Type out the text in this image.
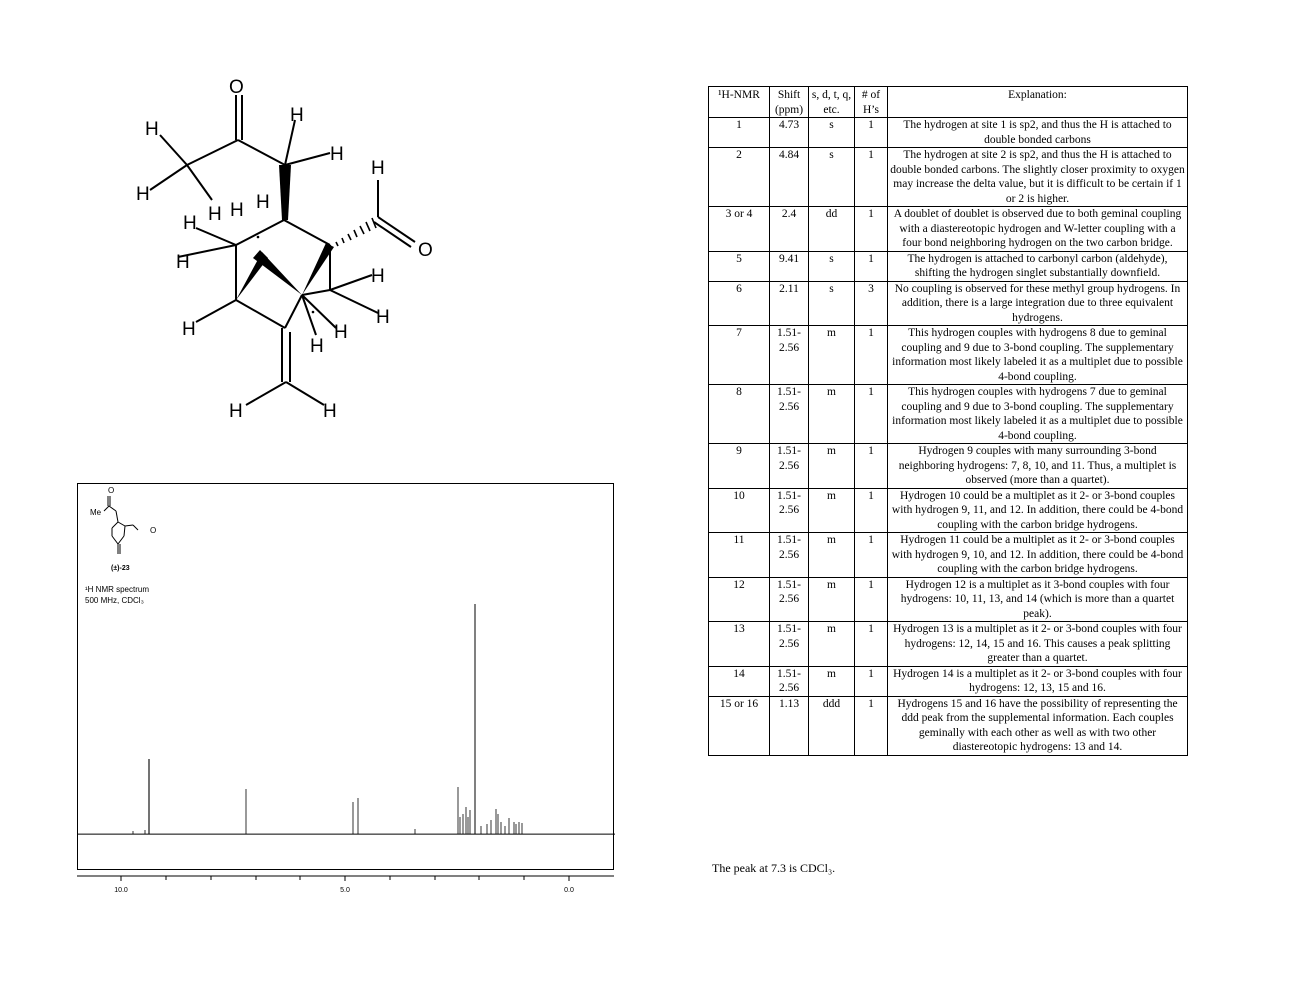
O
O
H
H
H
H
H
H H H H
H
H
H
H	H
H
H	H
Me
O
O
(±)-23
¹H NMR spectrum
500 MHz, CDCl₃
10.0	5.0	0.0
¹H-NMR	Shift (ppm)	s, d, t, q, etc.	# of H’s	Explanation:
1	4.73	s	1	The hydrogen at site 1 is sp2, and thus the H is attached to double bonded carbons
2	4.84	s	1	The hydrogen at site 2 is sp2, and thus the H is attached to double bonded carbons. The slightly closer proximity to oxygen may increase the delta value, but it is difficult to be certain if 1 or 2 is higher.
3 or 4	2.4	dd	1	A doublet of doublet is observed due to both geminal coupling with a diastereotopic hydrogen and W-letter coupling with a four bond neighboring hydrogen on the two carbon bridge.
5	9.41	s	1	The hydrogen is attached to carbonyl carbon (aldehyde), shifting the hydrogen singlet substantially downfield.
6	2.11	s	3	No coupling is observed for these methyl group hydrogens. In addition, there is a large integration due to three equivalent hydrogens.
7	1.51-2.56	m	1	This hydrogen couples with hydrogens 8 due to geminal coupling and 9 due to 3-bond coupling. The supplementary information most likely labeled it as a multiplet due to possible 4-bond coupling.
8	1.51-2.56	m	1	This hydrogen couples with hydrogens 7 due to geminal coupling and 9 due to 3-bond coupling. The supplementary information most likely labeled it as a multiplet due to possible 4-bond coupling.
9	1.51-2.56	m	1	Hydrogen 9 couples with many surrounding 3-bond neighboring hydrogens: 7, 8, 10, and 11. Thus, a multiplet is observed (more than a quartet).
10	1.51-2.56	m	1	Hydrogen 10 could be a multiplet as it 2- or 3-bond couples with hydrogen 9, 11, and 12. In addition, there could be 4-bond coupling with the carbon bridge hydrogens.
11	1.51-2.56	m	1	Hydrogen 11 could be a multiplet as it 2- or 3-bond couples with hydrogen 9, 10, and 12. In addition, there could be 4-bond coupling with the carbon bridge hydrogens.
12	1.51-2.56	m	1	Hydrogen 12 is a multiplet as it 3-bond couples with four hydrogens: 10, 11, 13, and 14 (which is more than a quartet peak).
13	1.51-2.56	m	1	Hydrogen 13 is a multiplet as it 2- or 3-bond couples with four hydrogens: 12, 14, 15 and 16. This causes a peak splitting greater than a quartet.
14	1.51-2.56	m	1	Hydrogen 14 is a multiplet as it 2- or 3-bond couples with four hydrogens: 12, 13, 15 and 16.
15 or 16	1.13	ddd	1	Hydrogens 15 and 16 have the possibility of representing the ddd peak from the supplemental information. Each couples geminally with each other as well as with two other diastereotopic hydrogens: 13 and 14.
The peak at 7.3 is CDCl₃.
